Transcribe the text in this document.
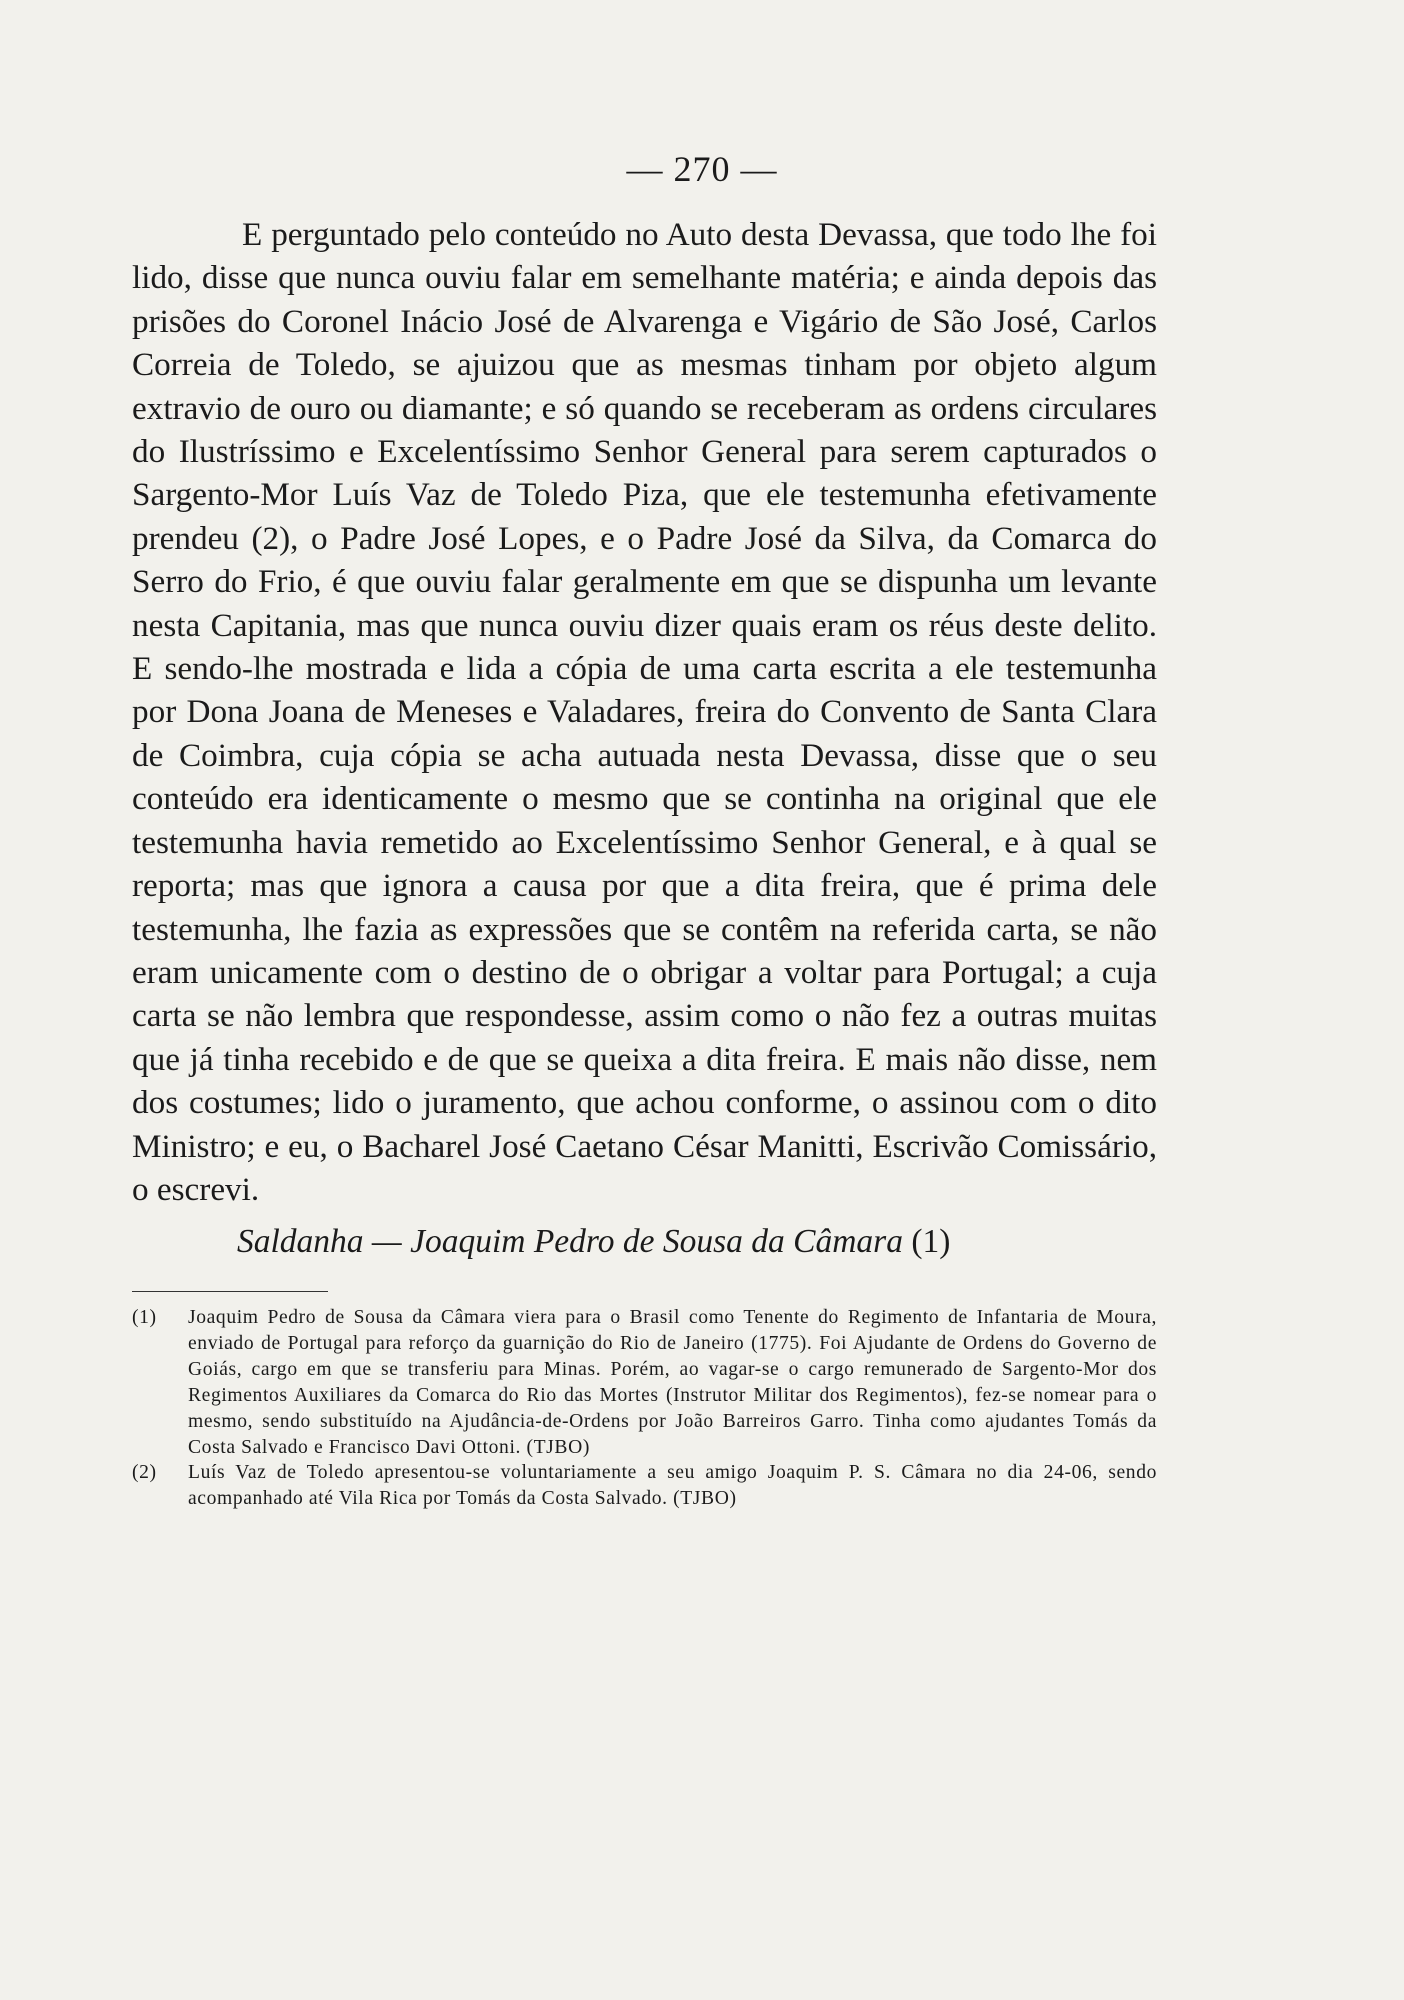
— 270 —

E perguntado pelo conteúdo no Auto desta Devassa, que todo lhe foi lido, disse que nunca ouviu falar em semelhante matéria; e ainda depois das prisões do Coronel Inácio José de Alvarenga e Vigário de São José, Carlos Correia de Toledo, se ajuizou que as mesmas tinham por objeto algum extravio de ouro ou diamante; e só quando se receberam as ordens circulares do Ilustríssimo e Excelentíssimo Senhor General para serem capturados o Sargento-Mor Luís Vaz de Toledo Piza, que ele testemunha efetivamente prendeu (2), o Padre José Lopes, e o Padre José da Silva, da Comarca do Serro do Frio, é que ouviu falar geralmente em que se dispunha um levante nesta Capitania, mas que nunca ouviu dizer quais eram os réus deste delito. E sendo-lhe mostrada e lida a cópia de uma carta escrita a ele testemunha por Dona Joana de Meneses e Valadares, freira do Convento de Santa Clara de Coimbra, cuja cópia se acha autuada nesta Devassa, disse que o seu conteúdo era identicamente o mesmo que se continha na original que ele testemunha havia remetido ao Excelentíssimo Senhor General, e à qual se reporta; mas que ignora a causa por que a dita freira, que é prima dele testemunha, lhe fazia as expressões que se contêm na referida carta, se não eram unicamente com o destino de o obrigar a voltar para Portugal; a cuja carta se não lembra que respondesse, assim como o não fez a outras muitas que já tinha recebido e de que se queixa a dita freira. E mais não disse, nem dos costumes; lido o juramento, que achou conforme, o assinou com o dito Ministro; e eu, o Bacharel José Caetano César Manitti, Escrivão Comissário, o escrevi.

Saldanha — Joaquim Pedro de Sousa da Câmara (1)
(1) Joaquim Pedro de Sousa da Câmara viera para o Brasil como Tenente do Regimento de Infantaria de Moura, enviado de Portugal para reforço da guarnição do Rio de Janeiro (1775). Foi Ajudante de Ordens do Governo de Goiás, cargo em que se transferiu para Minas. Porém, ao vagar-se o cargo remunerado de Sargento-Mor dos Regimentos Auxiliares da Comarca do Rio das Mortes (Instrutor Militar dos Regimentos), fez-se nomear para o mesmo, sendo substituído na Ajudância-de-Ordens por João Barreiros Garro. Tinha como ajudantes Tomás da Costa Salvado e Francisco Davi Ottoni. (TJBO)
(2) Luís Vaz de Toledo apresentou-se voluntariamente a seu amigo Joaquim P. S. Câmara no dia 24-06, sendo acompanhado até Vila Rica por Tomás da Costa Salvado. (TJBO)
